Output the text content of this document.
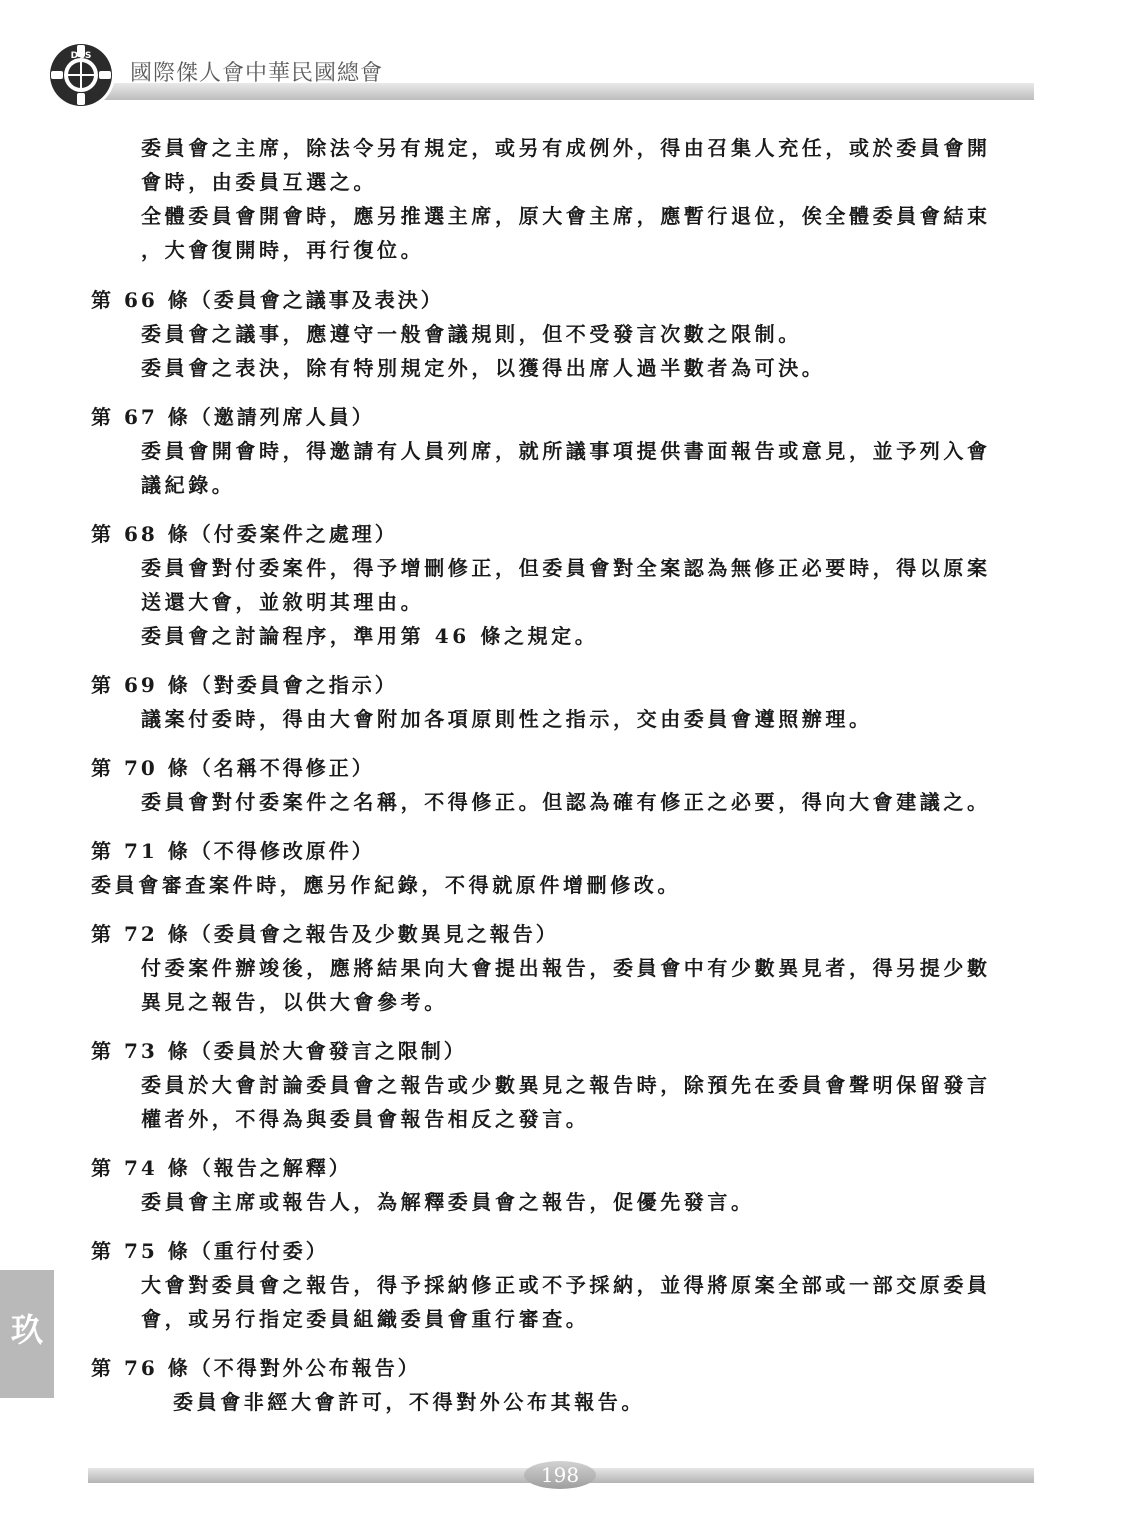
DCS
國際傑人會中華民國總會
委員會之主席，除法令另有規定，或另有成例外，得由召集人充任，或於委員會開
會時，由委員互選之。
全體委員會開會時，應另推選主席，原大會主席，應暫行退位，俟全體委員會結束
，大會復開時，再行復位。
第 66 條（委員會之議事及表決）
委員會之議事，應遵守一般會議規則，但不受發言次數之限制。
委員會之表決，除有特別規定外，以獲得出席人過半數者為可決。
第 67 條（邀請列席人員）
委員會開會時，得邀請有人員列席，就所議事項提供書面報告或意見，並予列入會
議紀錄。
第 68 條（付委案件之處理）
委員會對付委案件，得予增刪修正，但委員會對全案認為無修正必要時，得以原案
送還大會，並敘明其理由。
委員會之討論程序，準用第 46 條之規定。
第 69 條（對委員會之指示）
議案付委時，得由大會附加各項原則性之指示，交由委員會遵照辦理。
第 70 條（名稱不得修正）
委員會對付委案件之名稱，不得修正。但認為確有修正之必要，得向大會建議之。
第 71 條（不得修改原件）
委員會審查案件時，應另作紀錄，不得就原件增刪修改。
第 72 條（委員會之報告及少數異見之報告）
付委案件辦竣後，應將結果向大會提出報告，委員會中有少數異見者，得另提少數
異見之報告，以供大會參考。
第 73 條（委員於大會發言之限制）
委員於大會討論委員會之報告或少數異見之報告時，除預先在委員會聲明保留發言
權者外，不得為與委員會報告相反之發言。
第 74 條（報告之解釋）
委員會主席或報告人，為解釋委員會之報告，促優先發言。
第 75 條（重行付委）
大會對委員會之報告，得予採納修正或不予採納，並得將原案全部或一部交原委員
會，或另行指定委員組織委員會重行審查。
第 76 條（不得對外公布報告）
委員會非經大會許可，不得對外公布其報告。
玖
198
